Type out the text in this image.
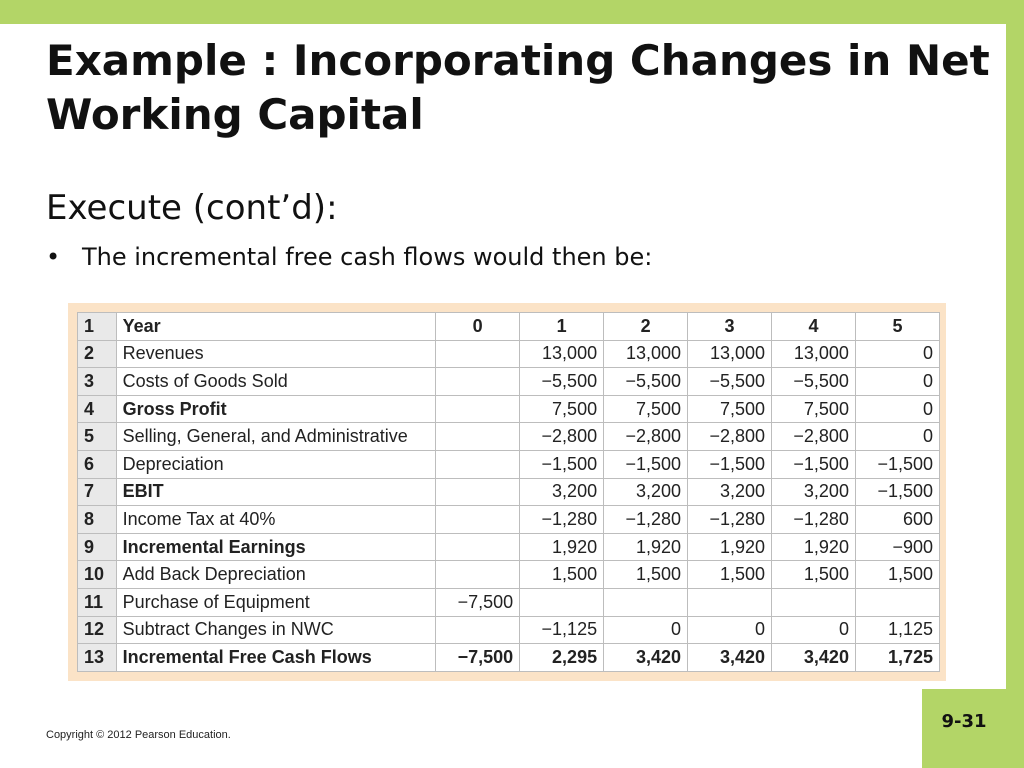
Example : Incorporating Changes in Net Working Capital
Execute (cont’d):
• The incremental free cash flows would then be:
1	Year	0	1	2	3	4	5
2	Revenues		13,000	13,000	13,000	13,000	0
3	Costs of Goods Sold		−5,500	−5,500	−5,500	−5,500	0
4	Gross Profit		7,500	7,500	7,500	7,500	0
5	Selling, General, and Administrative		−2,800	−2,800	−2,800	−2,800	0
6	Depreciation		−1,500	−1,500	−1,500	−1,500	−1,500
7	EBIT		3,200	3,200	3,200	3,200	−1,500
8	Income Tax at 40%		−1,280	−1,280	−1,280	−1,280	600
9	Incremental Earnings		1,920	1,920	1,920	1,920	−900
10	Add Back Depreciation		1,500	1,500	1,500	1,500	1,500
11	Purchase of Equipment	−7,500					
12	Subtract Changes in NWC		−1,125	0	0	0	1,125
13	Incremental Free Cash Flows	−7,500	2,295	3,420	3,420	3,420	1,725
Copyright © 2012 Pearson Education.
9-31
